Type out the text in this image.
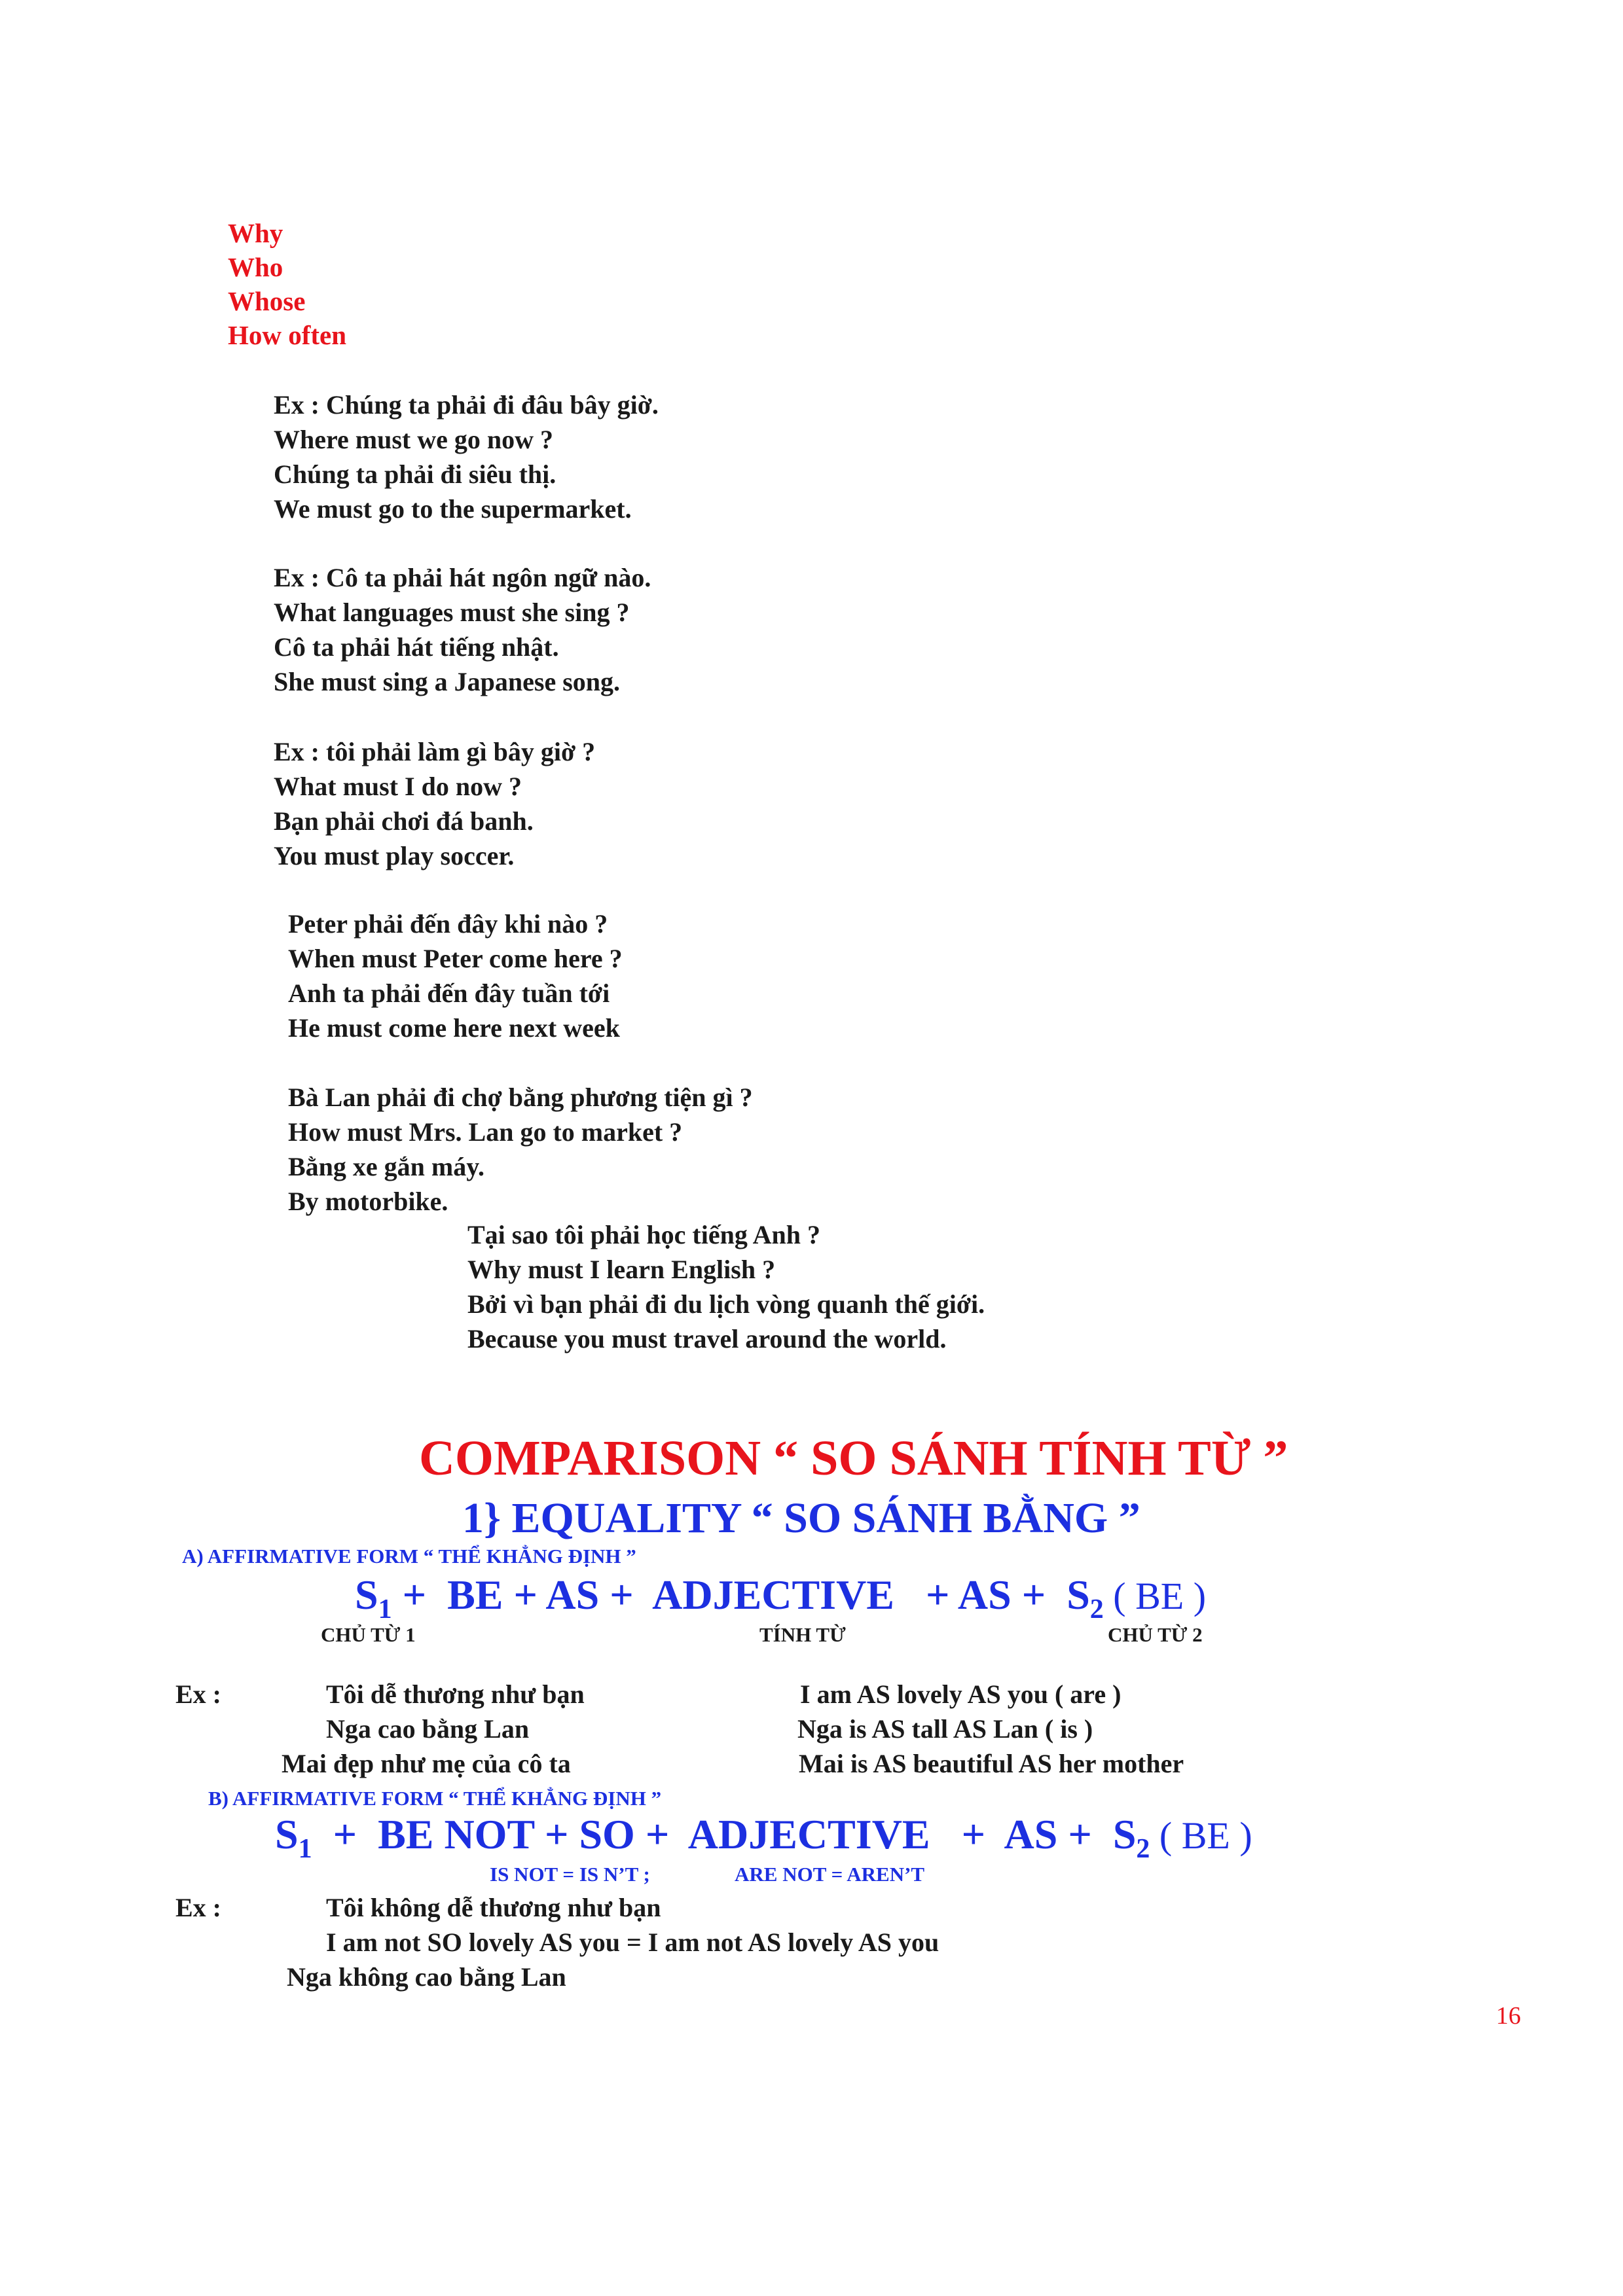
Why
Who
Whose
How often
Ex : Chúng ta phải đi đâu bây giờ.
Where must we go now ?
Chúng ta phải đi siêu thị.
We must go to the supermarket.
Ex : Cô ta phải hát ngôn ngữ nào.
What languages must she sing ?
Cô ta phải hát tiếng nhật.
She must sing a Japanese song.
Ex : tôi phải làm gì bây giờ ?
What must I do now ?
Bạn phải chơi đá banh.
You must play soccer.
Peter phải đến đây khi nào ?
When must Peter come here ?
Anh ta phải đến đây tuần tới
He must come here next week
Bà Lan phải đi chợ bằng phương tiện gì ?
How must Mrs. Lan go to market ?
Bằng xe gắn máy.
By motorbike.
Tại sao tôi phải học tiếng Anh ?
Why must I learn English ?
Bởi vì bạn phải đi du lịch vòng quanh thế giới.
Because you must travel around the world.
COMPARISON “ SO SÁNH TÍNH TỪ ”
1} EQUALITY “ SO SÁNH BẰNG ”
A) AFFIRMATIVE FORM “ THỂ KHẲNG ĐỊNH ”
$S_1$ +  BE + AS +  ADJECTIVE   + AS +  $S_2$ ( BE )
CHỦ TỪ 1	TÍNH TỪ	CHỦ TỪ 2
Ex :	Tôi dễ thương như bạn	I am AS lovely AS you ( are )
Nga cao bằng Lan	Nga is AS tall AS Lan ( is )
Mai đẹp như mẹ của cô ta	Mai is AS beautiful AS her mother
B) AFFIRMATIVE FORM “ THỂ KHẲNG ĐỊNH ”
$S_1$  +  BE NOT + SO +  ADJECTIVE   +  AS +  $S_2$ ( BE )
IS NOT = IS N’T ;	ARE NOT = AREN’T
Ex :	Tôi không dễ thương như bạn
I am not SO lovely AS you = I am not AS lovely AS you
Nga không cao bằng Lan
16
